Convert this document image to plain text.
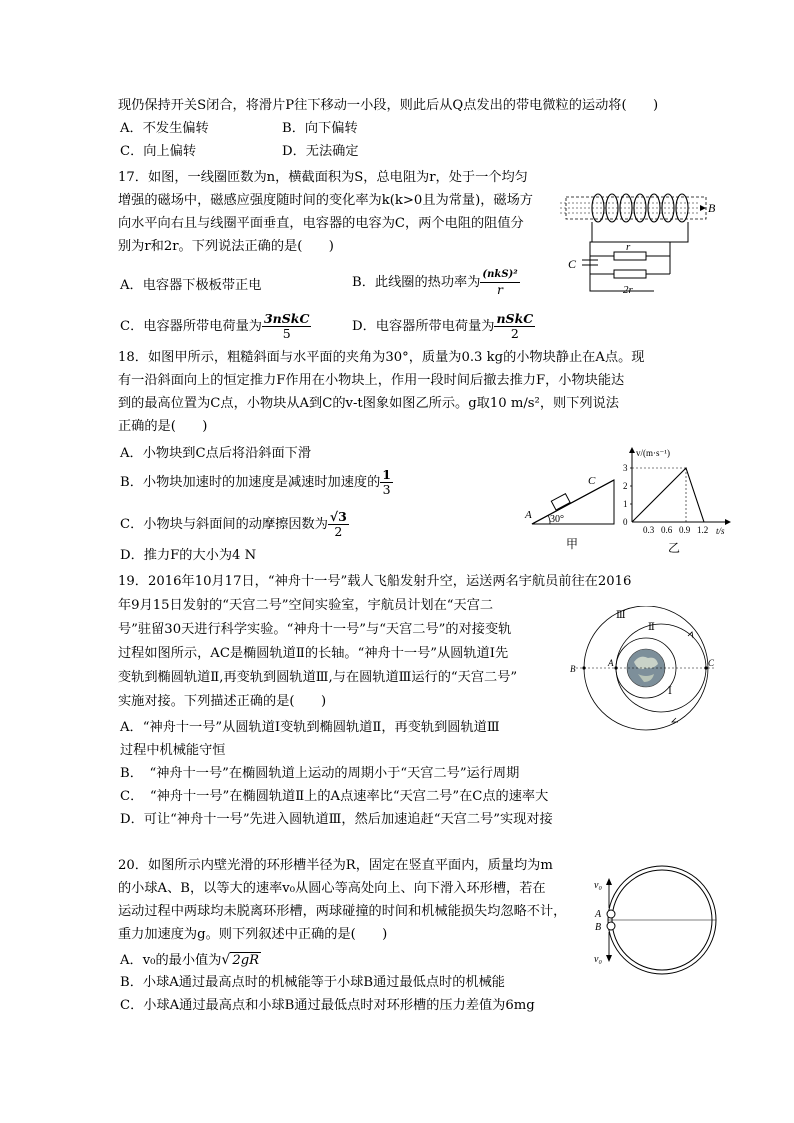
现仍保持开关S闭合，将滑片P往下移动一小段，则此后从Q点发出的带电微粒的运动将(　　)
A．不发生偏转	B．向下偏转
C．向上偏转	D．无法确定
17．如图，一线圈匝数为n，横截面积为S，总电阻为r，处于一个均匀
增强的磁场中，磁感应强度随时间的变化率为k(k>0且为常量)，磁场方
向水平向右且与线圈平面垂直，电容器的电容为C，两个电阻的阻值分
别为r和2r。下列说法正确的是(　　)
B
C
r
2r
A．电容器下极板带正电	B．此线圈的热功率为 $\frac{\text{(nkS)²}}{r}$
C．电容器所带电荷量为 $\frac{\text{3nSkC}}{5}$	D．电容器所带电荷量为 $\frac{\text{nSkC}}{2}$
18．如图甲所示，粗糙斜面与水平面的夹角为30°，质量为0.3 kg的小物块静止在A点。现
有一沿斜面向上的恒定推力F作用在小物块上，作用一段时间后撤去推力F，小物块能达
到的最高位置为C点，小物块从A到C的v-t图象如图乙所示。g取10 m/s²，则下列说法
正确的是(　　)
A．小物块到C点后将沿斜面下滑
B．小物块加速时的加速度是减速时加速度的 $\frac{1}{3}$
C．小物块与斜面间的动摩擦因数为 $\frac{√3}{2}$
D．推力F的大小为4 N
30°
A
C
甲
v/(m·s⁻¹)
t/s
3
2
1
0
0.3 0.6 0.9 1.2
乙
19．2016年10月17日，“神舟十一号”载人飞船发射升空，运送两名宇航员前往在2016
年9月15日发射的“天宫二号”空间实验室，宇航员计划在“天宫二
号”驻留30天进行科学实验。“神舟十一号”与“天宫二号”的对接变轨
过程如图所示，AC是椭圆轨道Ⅱ的长轴。“神舟十一号”从圆轨道Ⅰ先
变轨到椭圆轨道Ⅱ,再变轨到圆轨道Ⅲ,与在圆轨道Ⅲ运行的“天宫二号”
实施对接。下列描述正确的是(　　)
Ⅲ
Ⅱ
Ⅰ
A
B
C
A．“神舟十一号”从圆轨道Ⅰ变轨到椭圆轨道Ⅱ，再变轨到圆轨道Ⅲ
过程中机械能守恒
B．　“神舟十一号”在椭圆轨道上运动的周期小于“天宫二号”运行周期
C．　“神舟十一号”在椭圆轨道Ⅱ上的A点速率比“天宫二号”在C点的速率大
D．可让“神舟十一号”先进入圆轨道Ⅲ，然后加速追赶“天宫二号”实现对接
20．如图所示内壁光滑的环形槽半径为R，固定在竖直平面内，质量均为m
的小球A、B，以等大的速率v₀从圆心等高处向上、向下滑入环形槽，若在
运动过程中两球均未脱离环形槽，两球碰撞的时间和机械能损失均忽略不计，
重力加速度为g。则下列叙述中正确的是(　　)
v₀
v₀
A
B
A．v₀的最小值为√ 2gR
B．小球A通过最高点时的机械能等于小球B通过最低点时的机械能
C．小球A通过最高点和小球B通过最低点时对环形槽的压力差值为6mg
